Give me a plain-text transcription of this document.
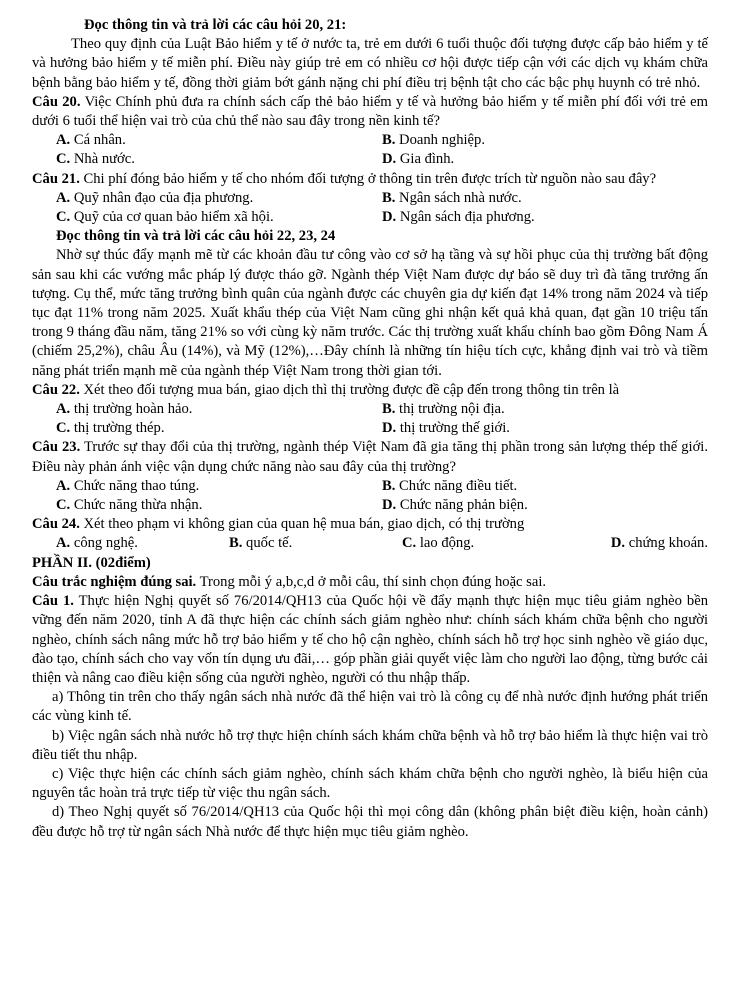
Đọc thông tin và trả lời các câu hỏi 20, 21:

Theo quy định của Luật Bảo hiểm y tế ở nước ta, trẻ em dưới 6 tuổi thuộc đối tượng được cấp bảo hiểm y tế và hưởng bảo hiểm y tế miễn phí. Điều này giúp trẻ em có nhiều cơ hội được tiếp cận với các dịch vụ khám chữa bệnh bằng bảo hiểm y tế, đồng thời giảm bớt gánh nặng chi phí điều trị bệnh tật cho các bậc phụ huynh có trẻ nhỏ.

Câu 20. Việc Chính phủ đưa ra chính sách cấp thẻ bảo hiểm y tế và hưởng bảo hiểm y tế miễn phí đối với trẻ em dưới 6 tuổi thể hiện vai trò của chủ thể nào sau đây trong nền kinh tế?

A. Cá nhân.	B. Doanh nghiệp.
C. Nhà nước.	D. Gia đình.

Câu 21. Chi phí đóng bảo hiểm y tế cho nhóm đối tượng ở thông tin trên được trích từ nguồn nào sau đây?

A. Quỹ nhân đạo của địa phương.	B. Ngân sách nhà nước.
C. Quỹ của cơ quan bảo hiểm xã hội.	D. Ngân sách địa phương.

Đọc thông tin và trả lời các câu hỏi 22, 23, 24

Nhờ sự thúc đẩy mạnh mẽ từ các khoản đầu tư công vào cơ sở hạ tầng và sự hồi phục của thị trường bất động sản sau khi các vướng mắc pháp lý được tháo gỡ. Ngành thép Việt Nam được dự báo sẽ duy trì đà tăng trưởng ấn tượng. Cụ thể, mức tăng trưởng bình quân của ngành được các chuyên gia dự kiến đạt 14% trong năm 2024 và tiếp tục đạt 11% trong năm 2025. Xuất khẩu thép của Việt Nam cũng ghi nhận kết quả khả quan, đạt gần 10 triệu tấn trong 9 tháng đầu năm, tăng 21% so với cùng kỳ năm trước. Các thị trường xuất khẩu chính bao gồm Đông Nam Á (chiếm 25,2%), châu Âu (14%), và Mỹ (12%),…Đây chính là những tín hiệu tích cực, khẳng định vai trò và tiềm năng phát triển mạnh mẽ của ngành thép Việt Nam trong thời gian tới.

Câu 22. Xét theo đối tượng mua bán, giao dịch thì thị trường được đề cập đến trong thông tin trên là

A. thị trường hoàn hảo.	B. thị trường nội địa.
C. thị trường thép.	D. thị trường thế giới.

Câu 23. Trước sự thay đổi của thị trường, ngành thép Việt Nam đã gia tăng thị phần trong sản lượng thép thế giới. Điều này phản ánh việc vận dụng chức năng nào sau đây của thị trường?

A. Chức năng thao túng.	B. Chức năng điều tiết.
C. Chức năng thừa nhận.	D. Chức năng phản biện.

Câu 24. Xét theo phạm vi không gian của quan hệ mua bán, giao dịch, có thị trường

A. công nghệ.	B. quốc tế.	C. lao động.	D. chứng khoán.

PHẦN II. (02điểm)

Câu trắc nghiệm đúng sai. Trong mỗi ý a,b,c,d ở mỗi câu, thí sinh chọn đúng hoặc sai.

Câu 1. Thực hiện Nghị quyết số 76/2014/QH13 của Quốc hội về đẩy mạnh thực hiện mục tiêu giảm nghèo bền vững đến năm 2020, tỉnh A đã thực hiện các chính sách giảm nghèo như: chính sách khám chữa bệnh cho người nghèo, chính sách nâng mức hỗ trợ bảo hiểm y tế cho hộ cận nghèo, chính sách hỗ trợ học sinh nghèo về giáo dục, đào tạo, chính sách cho vay vốn tín dụng ưu đãi,… góp phần giải quyết việc làm cho người lao động, từng bước cải thiện và nâng cao điều kiện sống của người nghèo, người có thu nhập thấp.

a) Thông tin trên cho thấy ngân sách nhà nước đã thể hiện vai trò là công cụ để nhà nước định hướng phát triển các vùng kinh tế.

b) Việc ngân sách nhà nước hỗ trợ thực hiện chính sách khám chữa bệnh và hỗ trợ bảo hiểm là thực hiện vai trò điều tiết thu nhập.

c) Việc thực hiện các chính sách giảm nghèo, chính sách khám chữa bệnh cho người nghèo, là biểu hiện của nguyên tắc hoàn trả trực tiếp từ việc thu ngân sách.

d) Theo Nghị quyết số 76/2014/QH13 của Quốc hội thì mọi công dân (không phân biệt điều kiện, hoàn cảnh) đều được hỗ trợ từ ngân sách Nhà nước để thực hiện mục tiêu giảm nghèo.
